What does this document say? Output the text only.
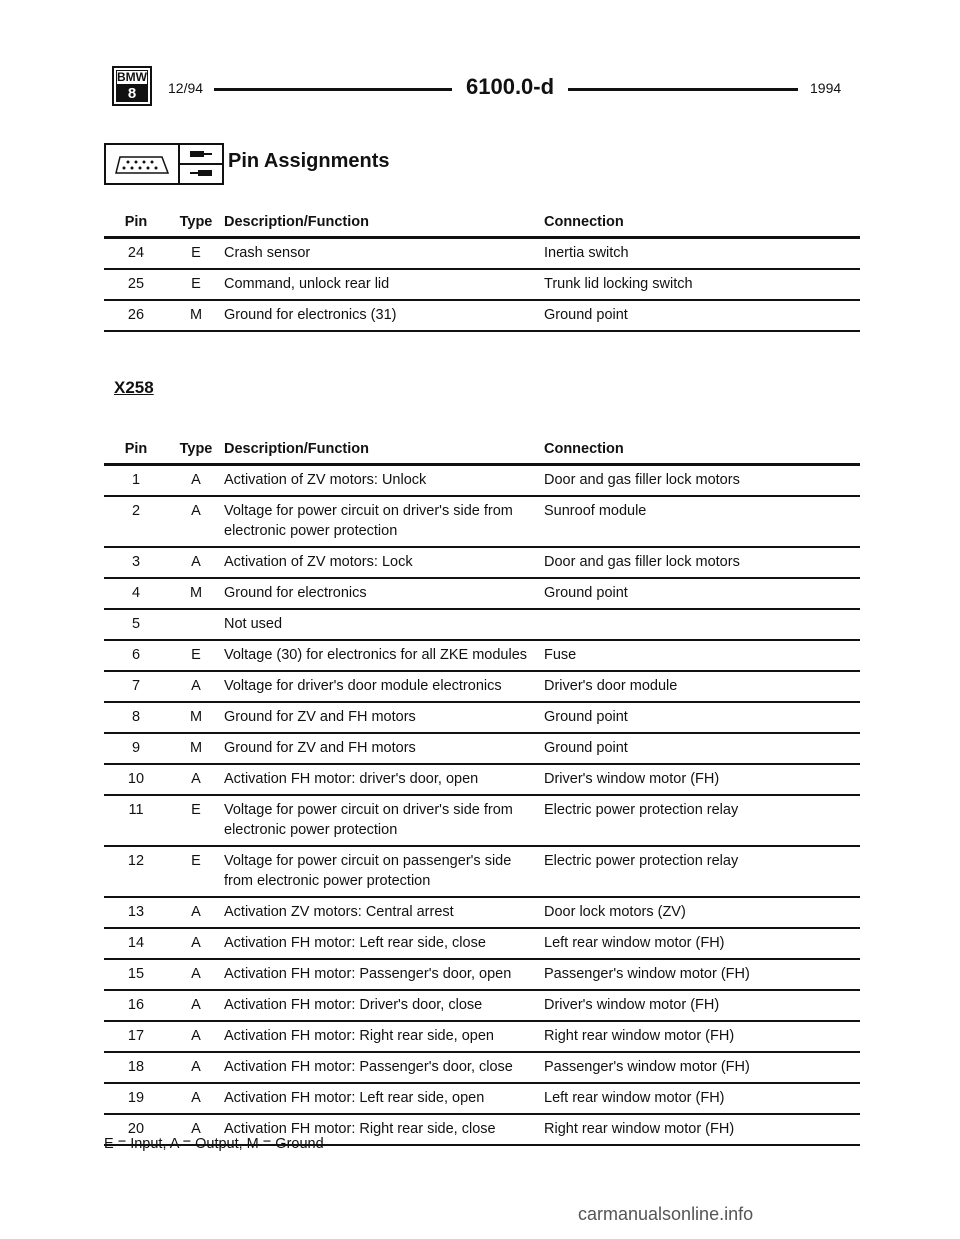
BMW
8	12/94	6100.0-d	1994
Pin Assignments
Pin	Type	Description/Function	Connection
24	E	Crash sensor	Inertia switch
25	E	Command, unlock rear lid	Trunk lid locking switch
26	M	Ground for electronics (31)	Ground point
X258
Pin	Type	Description/Function	Connection
1	A	Activation of ZV motors: Unlock	Door and gas filler lock motors
2	A	Voltage for power circuit on driver's side from electronic power protection	Sunroof module
3	A	Activation of ZV motors: Lock	Door and gas filler lock motors
4	M	Ground for electronics	Ground point
5		Not used	
6	E	Voltage (30) for electronics for all ZKE modules	Fuse
7	A	Voltage for driver's door module electronics	Driver's door module
8	M	Ground for ZV and FH motors	Ground point
9	M	Ground for ZV and FH motors	Ground point
10	A	Activation FH motor: driver's door, open	Driver's window motor (FH)
11	E	Voltage for power circuit on driver's side from electronic power protection	Electric power protection relay
12	E	Voltage for power circuit on passenger's side from electronic power protection	Electric power protection relay
13	A	Activation ZV motors: Central arrest	Door lock motors (ZV)
14	A	Activation FH motor: Left rear side, close	Left rear window motor (FH)
15	A	Activation FH motor: Passenger's door, open	Passenger's window motor (FH)
16	A	Activation FH motor: Driver's door, close	Driver's window motor (FH)
17	A	Activation FH motor: Right rear side, open	Right rear window motor (FH)
18	A	Activation FH motor: Passenger's door, close	Passenger's window motor (FH)
19	A	Activation FH motor: Left rear side, open	Left rear window motor (FH)
20	A	Activation FH motor: Right rear side, close	Right rear window motor (FH)
E = Input, A = Output, M = Ground
carmanualsonline.info
